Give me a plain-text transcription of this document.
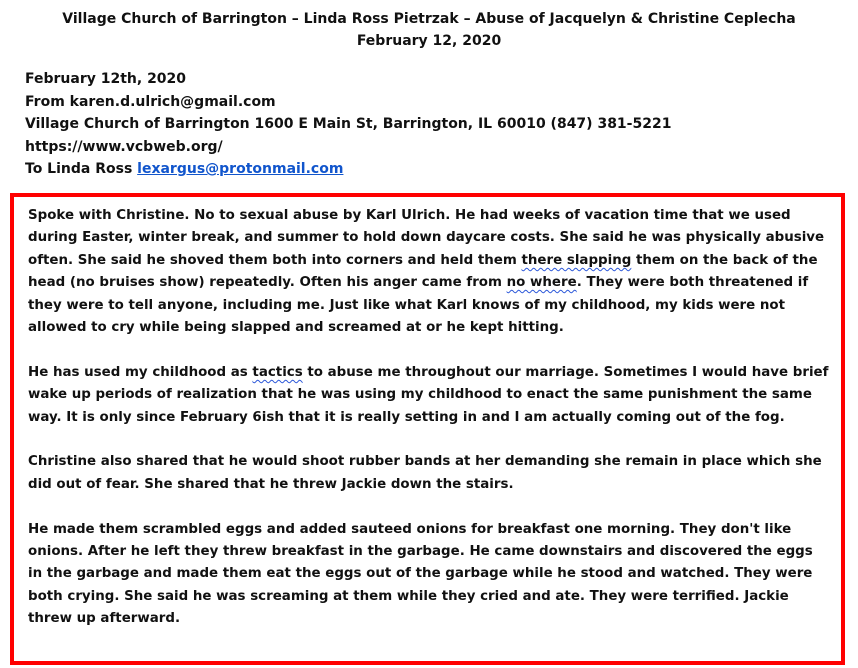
Village Church of Barrington – Linda Ross Pietrzak – Abuse of Jacquelyn & Christine Ceplecha
February 12, 2020
February 12th, 2020
From karen.d.ulrich@gmail.com
Village Church of Barrington 1600 E Main St, Barrington, IL 60010 (847) 381-5221
https://www.vcbweb.org/
To Linda Ross lexargus@protonmail.com

Spoke with Christine. No to sexual abuse by Karl Ulrich. He had weeks of vacation time that we used during Easter, winter break, and summer to hold down daycare costs. She said he was physically abusive often. She said he shoved them both into corners and held them there slapping them on the back of the head (no bruises show) repeatedly. Often his anger came from no where. They were both threatened if they were to tell anyone, including me. Just like what Karl knows of my childhood, my kids were not allowed to cry while being slapped and screamed at or he kept hitting.

He has used my childhood as tactics to abuse me throughout our marriage. Sometimes I would have brief wake up periods of realization that he was using my childhood to enact the same punishment the same way. It is only since February 6ish that it is really setting in and I am actually coming out of the fog.

Christine also shared that he would shoot rubber bands at her demanding she remain in place which she did out of fear. She shared that he threw Jackie down the stairs.

He made them scrambled eggs and added sauteed onions for breakfast one morning. They don't like onions. After he left they threw breakfast in the garbage. He came downstairs and discovered the eggs in the garbage and made them eat the eggs out of the garbage while he stood and watched. They were both crying. She said he was screaming at them while they cried and ate. They were terrified. Jackie threw up afterward.
